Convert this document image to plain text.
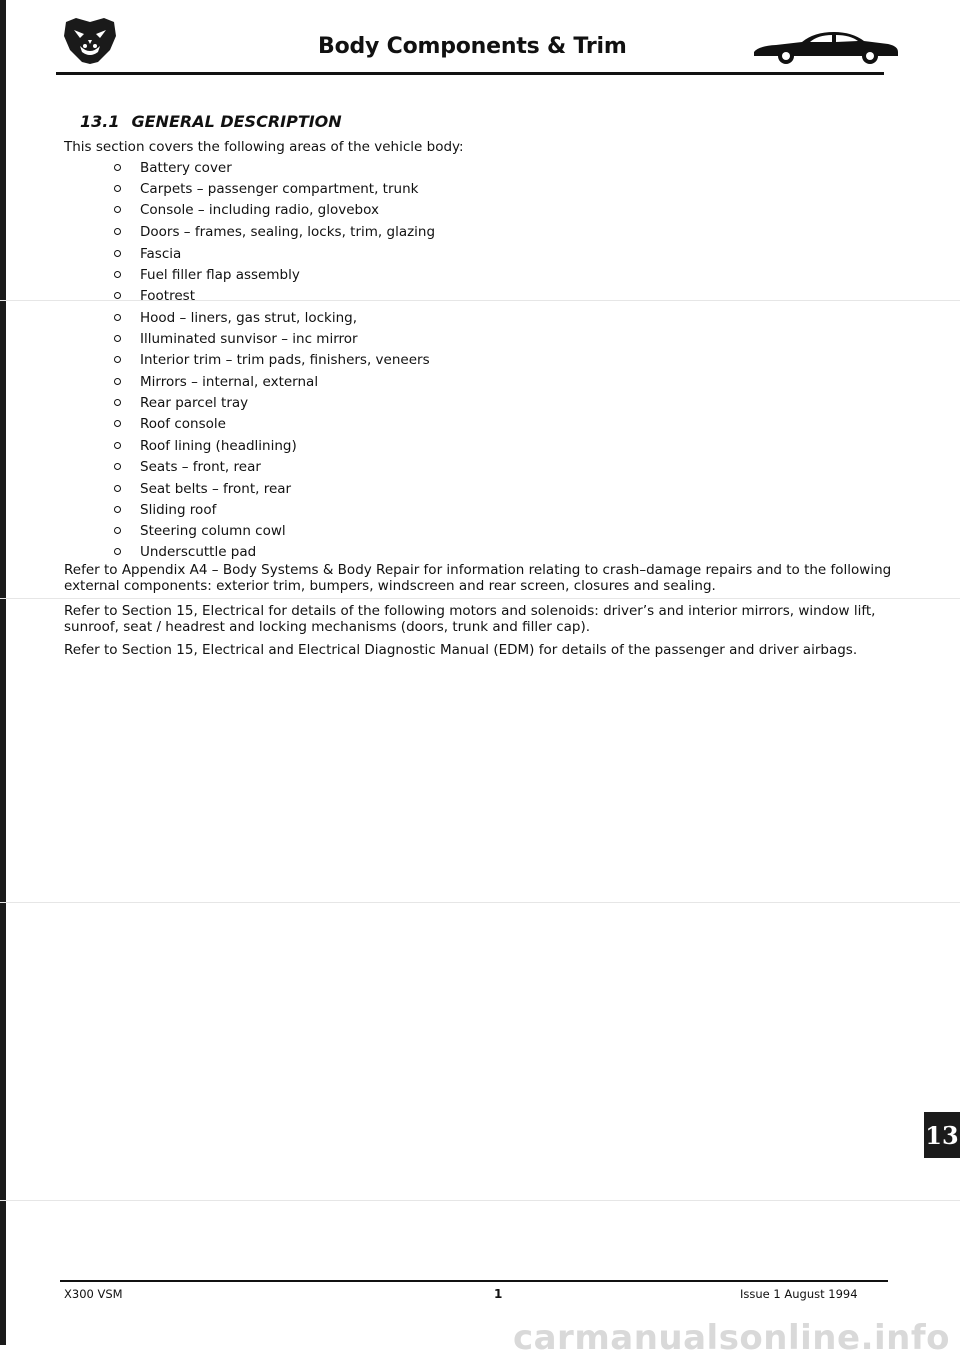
Body Components & Trim
13.1 GENERAL DESCRIPTION
This section covers the following areas of the vehicle body:
Battery cover
Carpets – passenger compartment, trunk
Console – including radio, glovebox
Doors – frames, sealing, locks, trim, glazing
Fascia
Fuel filler flap assembly
Footrest
Hood – liners, gas strut, locking,
Illuminated sunvisor – inc mirror
Interior trim – trim pads, finishers, veneers
Mirrors – internal, external
Rear parcel tray
Roof console
Roof lining (headlining)
Seats – front, rear
Seat belts – front, rear
Sliding roof
Steering column cowl
Underscuttle pad
Refer to Appendix A4 – Body Systems & Body Repair for information relating to crash–damage repairs and to the following external components: exterior trim, bumpers, windscreen and rear screen, closures and sealing.
Refer to Section 15, Electrical for details of the following motors and solenoids: driver’s and interior mirrors, window lift, sunroof, seat / headrest and locking mechanisms (doors, trunk and filler cap).
Refer to Section 15, Electrical and Electrical Diagnostic Manual (EDM) for details of the passenger and driver airbags.
13
X300 VSM	1	Issue 1 August 1994
carmanualsonline.info
